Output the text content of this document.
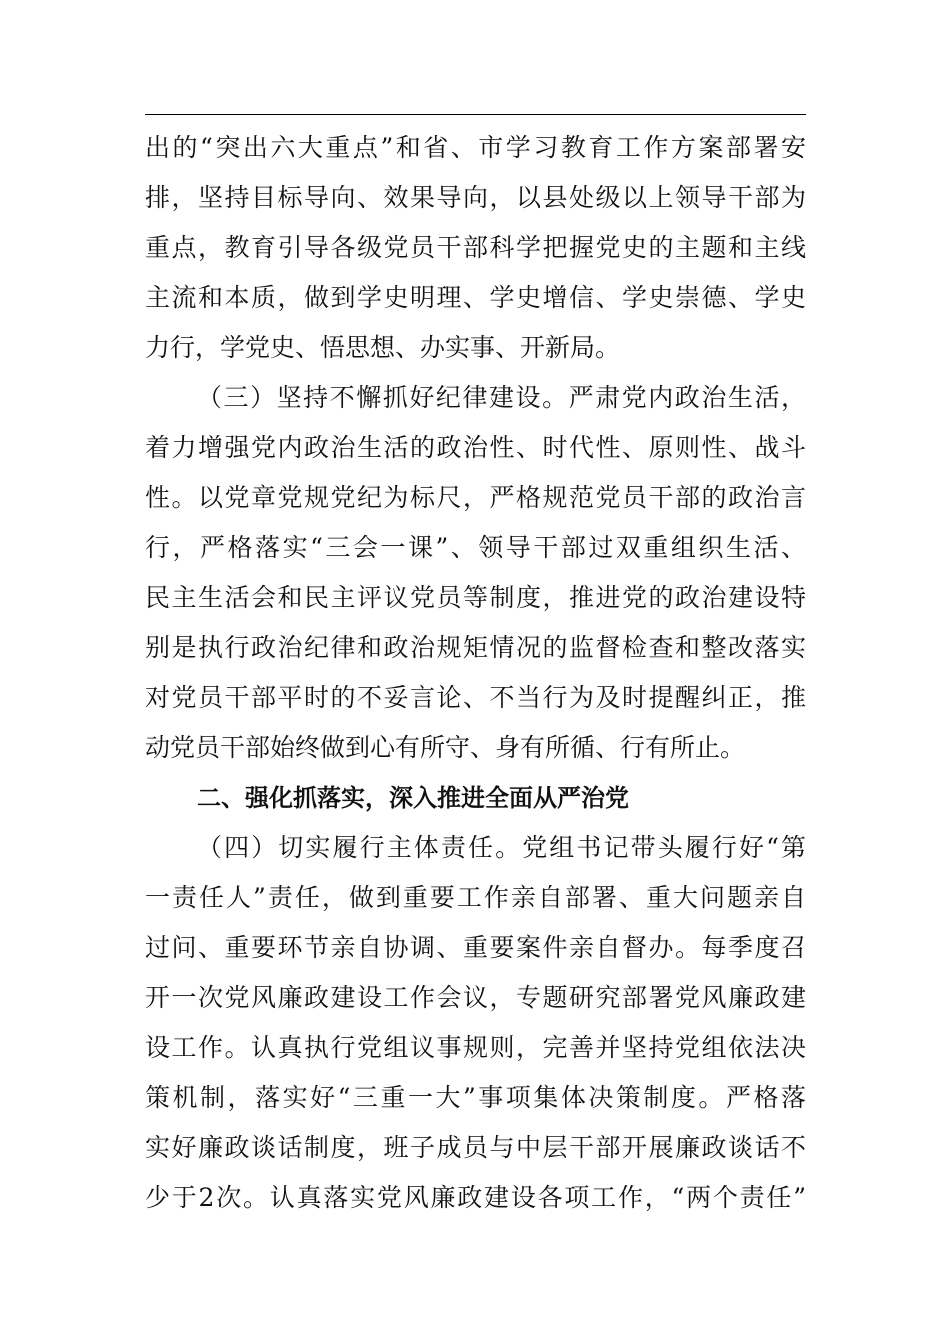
出的“突出六大重点”和省、市学习教育工作方案部署安
排，坚持目标导向、效果导向，以县处级以上领导干部为
重点，教育引导各级党员干部科学把握党史的主题和主线
主流和本质，做到学史明理、学史增信、学史崇德、学史
力行，学党史、悟思想、办实事、开新局。
（三）坚持不懈抓好纪律建设。严肃党内政治生活，
着力增强党内政治生活的政治性、时代性、原则性、战斗
性。以党章党规党纪为标尺，严格规范党员干部的政治言
行，严格落实“三会一课”、领导干部过双重组织生活、
民主生活会和民主评议党员等制度，推进党的政治建设特
别是执行政治纪律和政治规矩情况的监督检查和整改落实
对党员干部平时的不妥言论、不当行为及时提醒纠正，推
动党员干部始终做到心有所守、身有所循、行有所止。
二、强化抓落实，深入推进全面从严治党
（四）切实履行主体责任。党组书记带头履行好“第
一责任人”责任，做到重要工作亲自部署、重大问题亲自
过问、重要环节亲自协调、重要案件亲自督办。每季度召
开一次党风廉政建设工作会议，专题研究部署党风廉政建
设工作。认真执行党组议事规则，完善并坚持党组依法决
策机制，落实好“三重一大”事项集体决策制度。严格落
实好廉政谈话制度，班子成员与中层干部开展廉政谈话不
少于2次。认真落实党风廉政建设各项工作，“两个责任”
